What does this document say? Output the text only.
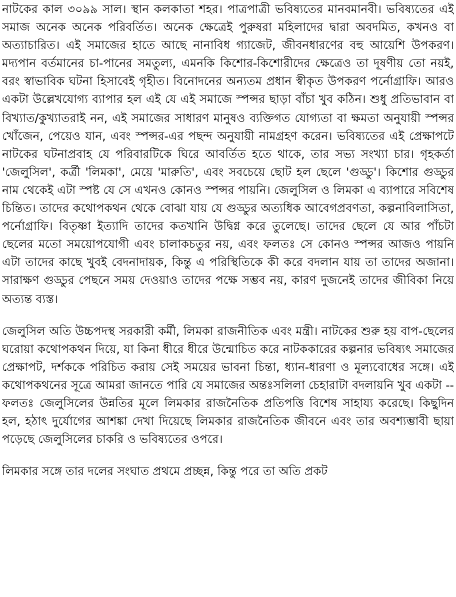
নাটকের কাল ৩০৯৯ সাল। স্থান কলকাতা শহর। পাত্রপাত্রী ভবিষ্যতের মানবমানবী। ভবিষ্যতের এই সমাজ অনেক অনেক পরিবর্তিত। অনেক ক্ষেত্রেই পুরুষরা মহিলাদের দ্বারা অবদমিত, কখনও বা অত্যাচারিত। এই সমাজের হাতে আছে নানাবিধ গ্যাজেট, জীবনধারণের বহু আয়েশি উপকরণ। মদ্যপান বর্তমানের চা-পানের সমতুল্য, এমনকি কিশোর-কিশোরীদের ক্ষেত্রেও তা দূষণীয় তো নয়ই, বরং স্বাভাবিক ঘটনা হিসাবেই গৃহীত। বিনোদনের অন্যতম প্রধান স্বীকৃত উপকরণ পর্নোগ্রাফি। আরও একটা উল্লেখযোগ্য ব্যাপার হল এই যে এই সমাজে স্পন্সর ছাড়া বাঁচা খুব কঠিন। শুধু প্রতিভাবান বা বিখ্যাত/কুখ্যাতরাই নন, এই সমাজের সাধারণ মানুষও ব্যক্তিগত যোগ্যতা বা ক্ষমতা অনুযায়ী স্পন্সর খোঁজেন, পেয়েও যান, এবং স্পন্সর-এর পছন্দ অনুযায়ী নামগ্রহণ করেন। ভবিষ্যতের এই প্রেক্ষাপটে নাটকের ঘটনাপ্রবাহ যে পরিবারটিকে ঘিরে আবর্তিত হতে থাকে, তার সভ্য সংখ্যা চার। গৃহকর্তা 'জেলুসিল', কর্ত্রী 'লিমকা', মেয়ে 'মারুতি', এবং সবচেয়ে ছোট হল ছেলে 'গুড্ডু'। কিশোর গুড্ডুর নাম থেকেই এটা স্পষ্ট যে সে এখনও কোনও স্পন্সর পায়নি। জেলুসিল ও লিমকা এ ব্যাপারে সবিশেষ চিন্তিত। তাদের কথোপকথন থেকে বোঝা যায় যে গুড্ডুর অত্যধিক আবেগপ্রবণতা, কল্পনাবিলাসিতা, পর্নোগ্রাফি। বিতৃষ্ণা ইত্যাদি তাদের কতখানি উদ্বিগ্ন করে তুলেছে। তাদের ছেলে যে আর পাঁচটা ছেলের মতো সময়োপযোগী এবং চালাকচতুর নয়, এবং ফলতঃ সে কোনও স্পন্সর আজও পায়নি এটা তাদের কাছে খুবই বেদনাদায়ক, কিন্তু এ পরিস্থিতিকে কী করে বদলান যায় তা তাদের অজানা। সারাক্ষণ গুড্ডুর পেছনে সময় দেওয়াও তাদের পক্ষে সম্ভব নয়, কারণ দুজনেই তাদের জীবিকা নিয়ে অত্যন্ত ব্যস্ত।

জেলুসিল অতি উচ্চপদস্থ সরকারী কর্মী, লিমকা রাজনীতিক এবং মন্ত্রী। নাটকের শুরু হয় বাপ-ছেলের ঘরোয়া কথোপকথন দিয়ে, যা কিনা ধীরে ধীরে উন্মোচিত করে নাটককারের কল্পনার ভবিষ্যৎ সমাজের প্রেক্ষাপট, দর্শককে পরিচিত করায় সেই সময়ের ভাবনা চিন্তা, ধ্যান-ধারণা ও মূল্যবোধের সঙ্গে। এই কথোপকথনের সূত্রে আমরা জানতে পারি যে সমাজের অন্তঃসলিলা চেহারাটা বদলায়নি খুব একটা -- ফলতঃ জেলুসিলের উন্নতির মূলে লিমকার রাজনৈতিক প্রতিপত্তি বিশেষ সাহায্য করেছে। কিছুদিন হল, হঠাৎ দুর্যোগের আশঙ্কা দেখা দিয়েছে লিমকার রাজনৈতিক জীবনে এবং তার অবশ্যম্ভাবী ছায়া পড়েছে জেলুসিলের চাকরি ও ভবিষ্যতের ওপরে।

লিমকার সঙ্গে তার দলের সংঘাত প্রথমে প্রচ্ছন্ন, কিন্তু পরে তা অতি প্রকট
